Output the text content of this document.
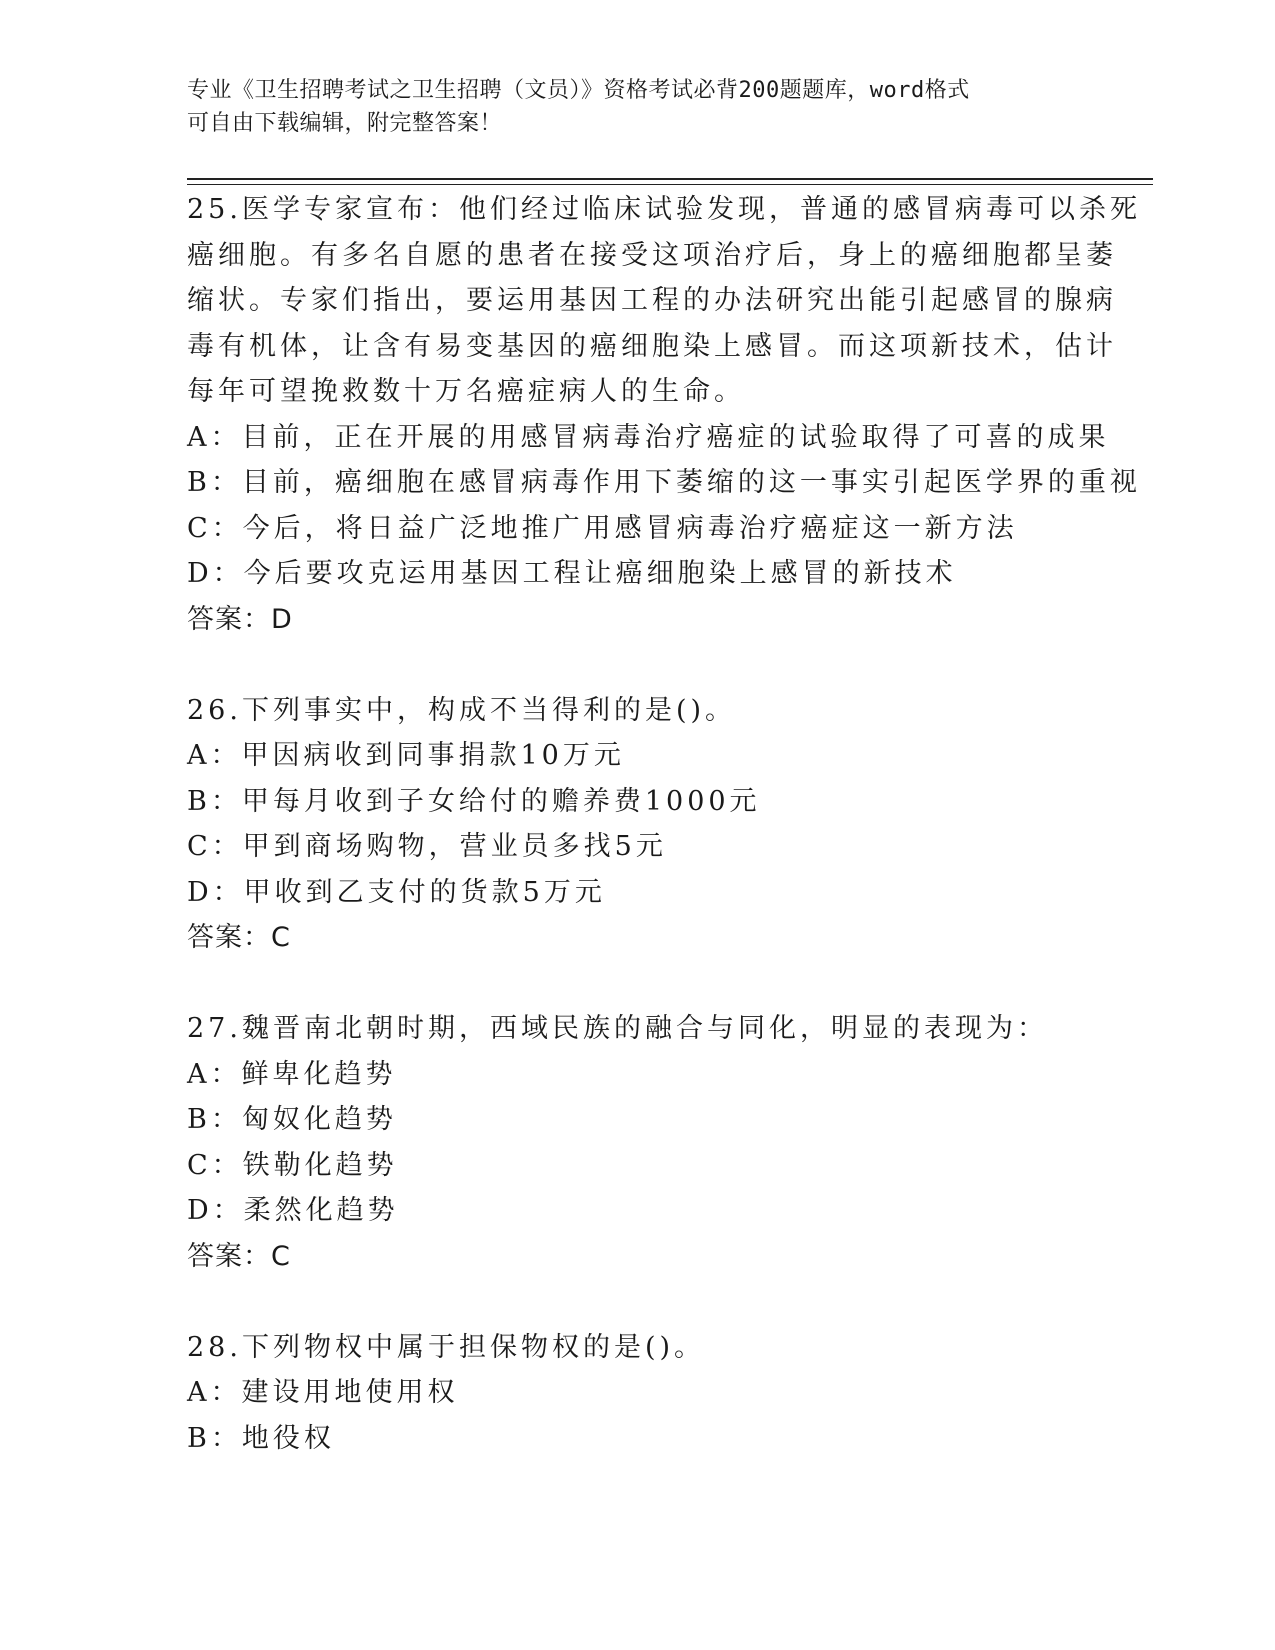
专业《卫生招聘考试之卫生招聘（文员）》资格考试必背200题题库，word格式
可自由下载编辑，附完整答案！
25.医学专家宣布：他们经过临床试验发现，普通的感冒病毒可以杀死
癌细胞。有多名自愿的患者在接受这项治疗后，身上的癌细胞都呈萎
缩状。专家们指出，要运用基因工程的办法研究出能引起感冒的腺病
毒有机体，让含有易变基因的癌细胞染上感冒。而这项新技术，估计
每年可望挽救数十万名癌症病人的生命。
A：目前，正在开展的用感冒病毒治疗癌症的试验取得了可喜的成果
B：目前，癌细胞在感冒病毒作用下萎缩的这一事实引起医学界的重视
C：今后，将日益广泛地推广用感冒病毒治疗癌症这一新方法
D：今后要攻克运用基因工程让癌细胞染上感冒的新技术
答案：D
26.下列事实中，构成不当得利的是()。
A：甲因病收到同事捐款10万元
B：甲每月收到子女给付的赡养费1000元
C：甲到商场购物，营业员多找5元
D：甲收到乙支付的货款5万元
答案：C
27.魏晋南北朝时期，西域民族的融合与同化，明显的表现为：
A：鲜卑化趋势
B：匈奴化趋势
C：铁勒化趋势
D：柔然化趋势
答案：C
28.下列物权中属于担保物权的是()。
A：建设用地使用权
B：地役权
